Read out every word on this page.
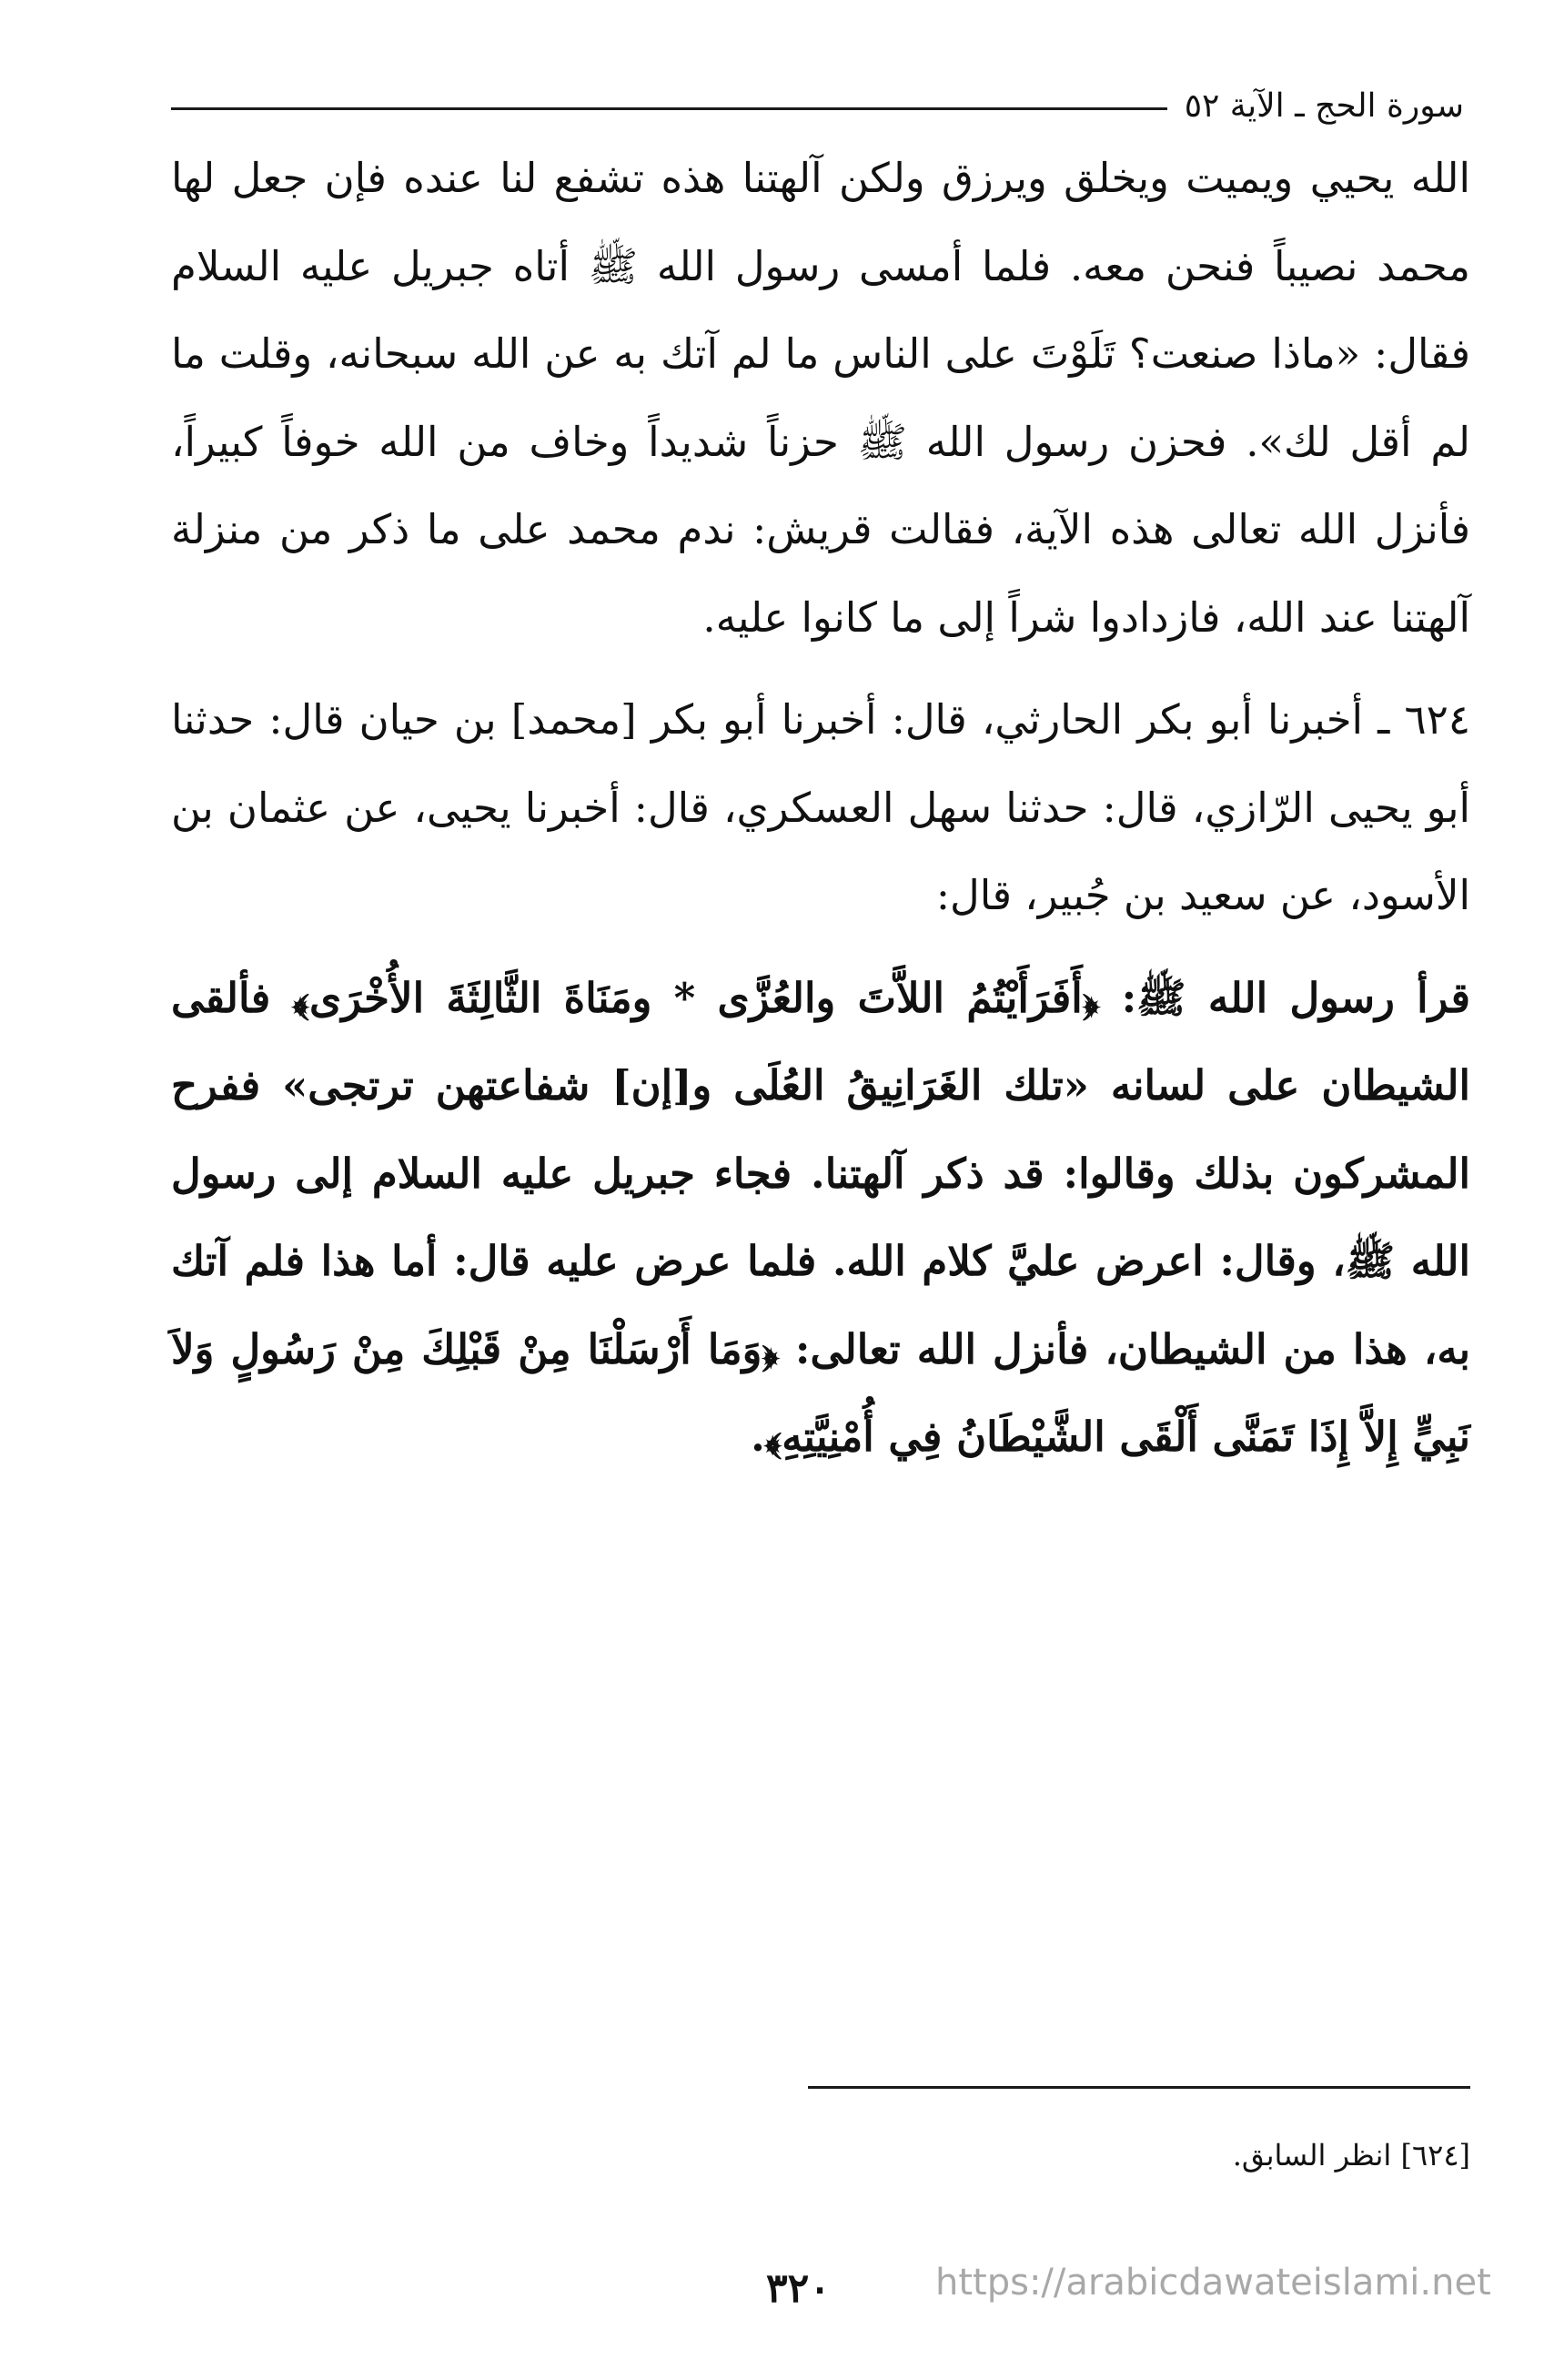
سورة الحج ـ الآية ٥٢

الله يحيي ويميت ويخلق ويرزق ولكن آلهتنا هذه تشفع لنا عنده فإن جعل لها محمد نصيباً فنحن معه. فلما أمسى رسول الله ﷺ أتاه جبريل عليه السلام فقال: «ماذا صنعت؟ تَلَوْتَ على الناس ما لم آتك به عن الله سبحانه، وقلت ما لم أقل لك». فحزن رسول الله ﷺ حزناً شديداً وخاف من الله خوفاً كبيراً، فأنزل الله تعالى هذه الآية، فقالت قريش: ندم محمد على ما ذكر من منزلة آلهتنا عند الله، فازدادوا شراً إلى ما كانوا عليه.

٦٢٤ ـ أخبرنا أبو بكر الحارثي، قال: أخبرنا أبو بكر [محمد] بن حيان قال: حدثنا أبو يحيى الرّازي، قال: حدثنا سهل العسكري، قال: أخبرنا يحيى، عن عثمان بن الأسود، عن سعيد بن جُبير، قال:

قرأ رسول الله ﷺ: ﴿أَفَرَأَيْتُمُ اللاَّتَ والعُزَّى * ومَنَاةَ الثَّالِثَةَ الأُخْرَى﴾ فألقى الشيطان على لسانه «تلك الغَرَانِيقُ العُلَى و[إن] شفاعتهن ترتجى» ففرح المشركون بذلك وقالوا: قد ذكر آلهتنا. فجاء جبريل عليه السلام إلى رسول الله ﷺ، وقال: اعرض عليَّ كلام الله. فلما عرض عليه قال: أما هذا فلم آتك به، هذا من الشيطان، فأنزل الله تعالى: ﴿وَمَا أَرْسَلْنَا مِنْ قَبْلِكَ مِنْ رَسُولٍ وَلاَ نَبِيٍّ إِلاَّ إِذَا تَمَنَّى أَلْقَى الشَّيْطَانُ فِي أُمْنِيَّتِهِ﴾.

[٦٢٤] انظر السابق.
٣٢٠	https://arabicdawateislami.net
